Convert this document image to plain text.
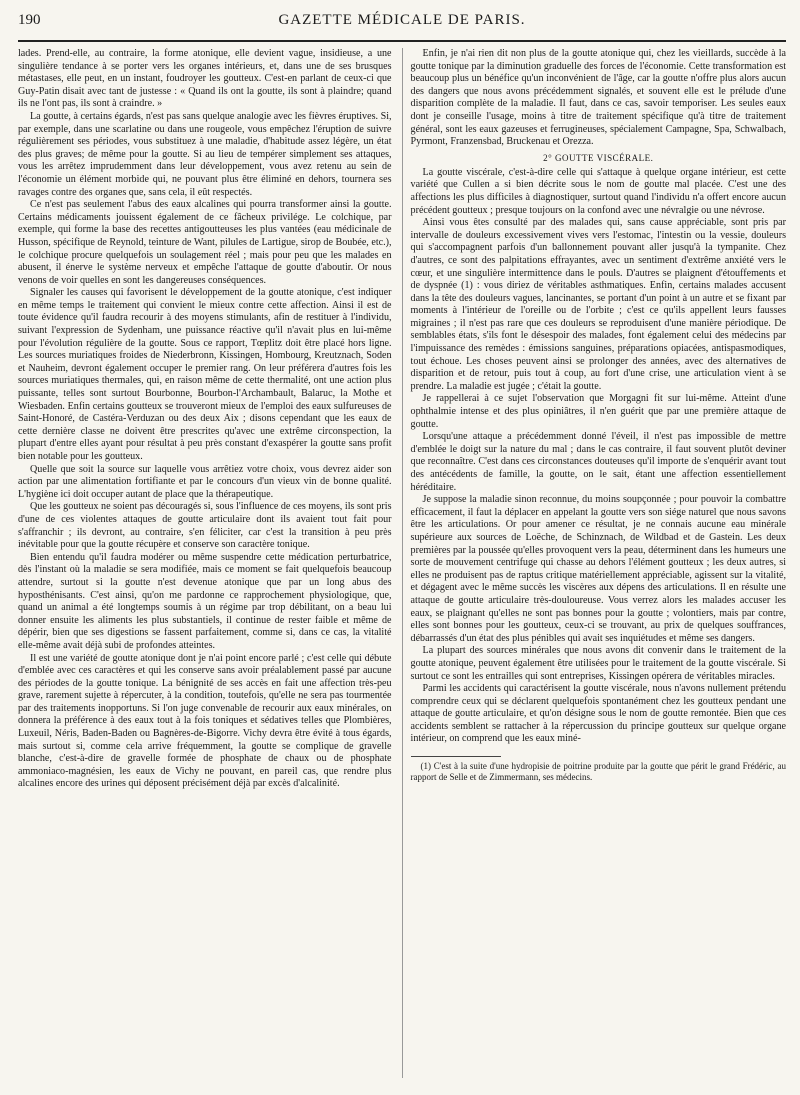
190	GAZETTE MÉDICALE DE PARIS.

lades. Prend-elle, au contraire, la forme atonique, elle devient vague, insidieuse, a une singulière tendance à se porter vers les organes intérieurs, et, dans une de ses brusques métastases, elle peut, en un instant, foudroyer les goutteux. C'est-en parlant de ceux-ci que Guy-Patin disait avec tant de justesse : « Quand ils ont la goutte, ils sont à plaindre; quand ils ne l'ont pas, ils sont à craindre. »

La goutte, à certains égards, n'est pas sans quelque analogie avec les fièvres éruptives. Si, par exemple, dans une scarlatine ou dans une rougeole, vous empêchez l'éruption de suivre régulièrement ses périodes, vous substituez à une maladie, d'habitude assez légère, un état des plus graves; de même pour la goutte. Si au lieu de tempérer simplement ses attaques, vous les arrêtez imprudemment dans leur développement, vous avez retenu au sein de l'économie un élément morbide qui, ne pouvant plus être éliminé en dehors, tournera ses ravages contre des organes que, sans cela, il eût respectés.

Ce n'est pas seulement l'abus des eaux alcalines qui pourra transformer ainsi la goutte. Certains médicaments jouissent également de ce fâcheux privilége. Le colchique, par exemple, qui forme la base des recettes antigoutteuses les plus vantées (eau médicinale de Husson, spécifique de Reynold, teinture de Want, pilules de Lartigue, sirop de Boubée, etc.), le colchique procure quelquefois un soulagement réel ; mais pour peu que les malades en abusent, il énerve le système nerveux et empêche l'attaque de goutte d'aboutir. Or nous venons de voir quelles en sont les dangereuses conséquences.

Signaler les causes qui favorisent le développement de la goutte atonique, c'est indiquer en même temps le traitement qui convient le mieux contre cette affection. Ainsi il est de toute évidence qu'il faudra recourir à des moyens stimulants, afin de restituer à l'individu, suivant l'expression de Sydenham, une puissance réactive qu'il n'avait plus en lui-même pour l'évolution régulière de la goutte. Sous ce rapport, Tœplitz doit être placé hors ligne. Les sources muriatiques froides de Niederbronn, Kissingen, Hombourg, Kreutznach, Soden et Nauheim, devront également occuper le premier rang. On leur préférera d'autres fois les sources muriatiques thermales, qui, en raison même de cette thermalité, ont une action plus puissante, telles sont surtout Bourbonne, Bourbon-l'Archambault, Balaruc, la Mothe et Wiesbaden. Enfin certains goutteux se trouveront mieux de l'emploi des eaux sulfureuses de Saint-Honoré, de Castéra-Verduzan ou des deux Aix ; disons cependant que les eaux de cette dernière classe ne doivent être prescrites qu'avec une extrême circonspection, la plupart d'entre elles ayant pour résultat à peu près constant d'exaspérer la goutte sans profit bien notable pour les goutteux.

Quelle que soit la source sur laquelle vous arrêtiez votre choix, vous devrez aider son action par une alimentation fortifiante et par le concours d'un vieux vin de bonne qualité. L'hygiène ici doit occuper autant de place que la thérapeutique.

Que les goutteux ne soient pas découragés si, sous l'influence de ces moyens, ils sont pris d'une de ces violentes attaques de goutte articulaire dont ils avaient tout fait pour s'affranchir ; ils devront, au contraire, s'en féliciter, car c'est la transition à peu près inévitable pour que la goutte récupère et conserve son caractère tonique.

Bien entendu qu'il faudra modérer ou même suspendre cette médication perturbatrice, dès l'instant où la maladie se sera modifiée, mais ce moment se fait quelquefois beaucoup attendre, surtout si la goutte n'est devenue atonique que par un long abus des hyposthénisants. C'est ainsi, qu'on me pardonne ce rapprochement physiologique, que, quand un animal a été longtemps soumis à un régime par trop débilitant, on a beau lui donner ensuite les aliments les plus substantiels, il continue de rester faible et même de dépérir, bien que ses digestions se fassent parfaitement, comme si, dans ce cas, la vitalité elle-même avait déjà subi de profondes atteintes.

Il est une variété de goutte atonique dont je n'ai point encore parlé ; c'est celle qui débute d'emblée avec ces caractères et qui les conserve sans avoir préalablement passé par aucune des périodes de la goutte tonique. La bénignité de ses accès en fait une affection très-peu grave, rarement sujette à répercuter, à la condition, toutefois, qu'elle ne sera pas tourmentée par des traitements inopportuns. Si l'on juge convenable de recourir aux eaux minérales, on donnera la préférence à des eaux tout à la fois toniques et sédatives telles que Plombières, Luxeuil, Néris, Baden-Baden ou Bagnères-de-Bigorre. Vichy devra être évité à tous égards, mais surtout si, comme cela arrive fréquemment, la goutte se complique de gravelle blanche, c'est-à-dire de gravelle formée de phosphate de chaux ou de phosphate ammoniaco-magnésien, les eaux de Vichy ne pouvant, en pareil cas, que rendre plus alcalines encore des urines qui déposent précisément déjà par excès d'alcalinité.

Enfin, je n'ai rien dit non plus de la goutte atonique qui, chez les vieillards, succède à la goutte tonique par la diminution graduelle des forces de l'économie. Cette transformation est beaucoup plus un bénéfice qu'un inconvénient de l'âge, car la goutte n'offre plus alors aucun des dangers que nous avons précédemment signalés, et souvent elle est le prélude d'une disparition complète de la maladie. Il faut, dans ce cas, savoir temporiser. Les seules eaux dont je conseille l'usage, moins à titre de traitement spécifique qu'à titre de traitement général, sont les eaux gazeuses et ferrugineuses, spécialement Campagne, Spa, Schwalbach, Pyrmont, Franzensbad, Bruckenau et Orezza.

2° GOUTTE VISCÉRALE.

La goutte viscérale, c'est-à-dire celle qui s'attaque à quelque organe intérieur, est cette variété que Cullen a si bien décrite sous le nom de goutte mal placée. C'est une des affections les plus difficiles à diagnostiquer, surtout quand l'individu n'a offert encore aucun précédent goutteux ; presque toujours on la confond avec une névralgie ou une névrose.

Ainsi vous êtes consulté par des malades qui, sans cause appréciable, sont pris par intervalle de douleurs excessivement vives vers l'estomac, l'intestin ou la vessie, douleurs qui s'accompagnent parfois d'un ballonnement pouvant aller jusqu'à la tympanite. Chez d'autres, ce sont des palpitations effrayantes, avec un sentiment d'extrême anxiété vers le cœur, et une singulière intermittence dans le pouls. D'autres se plaignent d'étouffements et de dyspnée (1) : vous diriez de véritables asthmatiques. Enfin, certains malades accusent dans la tête des douleurs vagues, lancinantes, se portant d'un point à un autre et se fixant par moments à l'intérieur de l'oreille ou de l'orbite ; c'est ce qu'ils appellent leurs fausses migraines ; il n'est pas rare que ces douleurs se reproduisent d'une manière périodique. De semblables états, s'ils font le désespoir des malades, font également celui des médecins par l'impuissance des remèdes : émissions sanguines, préparations opiacées, antispasmodiques, tout échoue. Les choses peuvent ainsi se prolonger des années, avec des alternatives de disparition et de retour, puis tout à coup, au fort d'une crise, une articulation vient à se prendre. La maladie est jugée ; c'était la goutte.

Je rappellerai à ce sujet l'observation que Morgagni fit sur lui-même. Atteint d'une ophthalmie intense et des plus opiniâtres, il n'en guérit que par une première attaque de goutte.

Lorsqu'une attaque a précédemment donné l'éveil, il n'est pas impossible de mettre d'emblée le doigt sur la nature du mal ; dans le cas contraire, il faut souvent plutôt deviner que reconnaître. C'est dans ces circonstances douteuses qu'il importe de s'enquérir avant tout des antécédents de famille, la goutte, on le sait, étant une affection essentiellement héréditaire.

Je suppose la maladie sinon reconnue, du moins soupçonnée ; pour pouvoir la combattre efficacement, il faut la déplacer en appelant la goutte vers son siége naturel que nous savons être les articulations. Or pour amener ce résultat, je ne connais aucune eau minérale supérieure aux sources de Loëche, de Schinznach, de Wildbad et de Gastein. Les deux premières par la poussée qu'elles provoquent vers la peau, déterminent dans les humeurs une sorte de mouvement centrifuge qui chasse au dehors l'élément goutteux ; les deux autres, si elles ne produisent pas de raptus critique matériellement appréciable, agissent sur la vitalité, et dégagent avec le même succès les viscères aux dépens des articulations. Il en résulte une attaque de goutte articulaire très-douloureuse. Vous verrez alors les malades accuser les eaux, se plaignant qu'elles ne sont pas bonnes pour la goutte ; volontiers, mais par contre, elles sont bonnes pour les goutteux, ceux-ci se trouvant, au prix de quelques souffrances, débarrassés d'un état des plus pénibles qui avait ses inquiétudes et même ses dangers.

La plupart des sources minérales que nous avons dit convenir dans le traitement de la goutte atonique, peuvent également être utilisées pour le traitement de la goutte viscérale. Si surtout ce sont les entrailles qui sont entreprises, Kissingen opérera de véritables miracles.

Parmi les accidents qui caractérisent la goutte viscérale, nous n'avons nullement prétendu comprendre ceux qui se déclarent quelquefois spontanément chez les goutteux pendant une attaque de goutte articulaire, et qu'on désigne sous le nom de goutte remontée. Bien que ces accidents semblent se rattacher à la répercussion du principe goutteux sur quelque organe intérieur, on comprend que les eaux miné-

(1) C'est à la suite d'une hydropisie de poitrine produite par la goutte que périt le grand Frédéric, au rapport de Selle et de Zimmermann, ses médecins.
